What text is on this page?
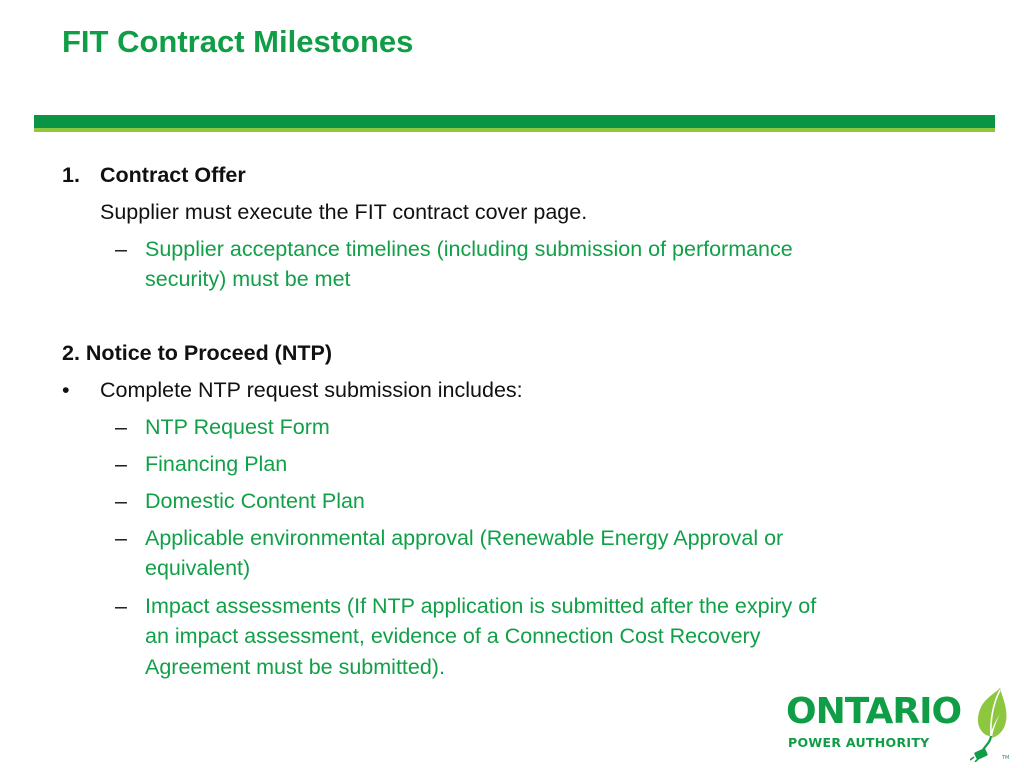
FIT Contract Milestones
1. Contract Offer
Supplier must execute the FIT contract cover page.
– Supplier acceptance timelines (including submission of performance
security) must be met
2. Notice to Proceed (NTP)
• Complete NTP request submission includes:
– NTP Request Form
– Financing Plan
– Domestic Content Plan
– Applicable environmental approval (Renewable Energy Approval or
equivalent)
– Impact assessments (If NTP application is submitted after the expiry of
an impact assessment, evidence of a Connection Cost Recovery
Agreement must be submitted).
ONTARIO
POWER AUTHORITY
TM
